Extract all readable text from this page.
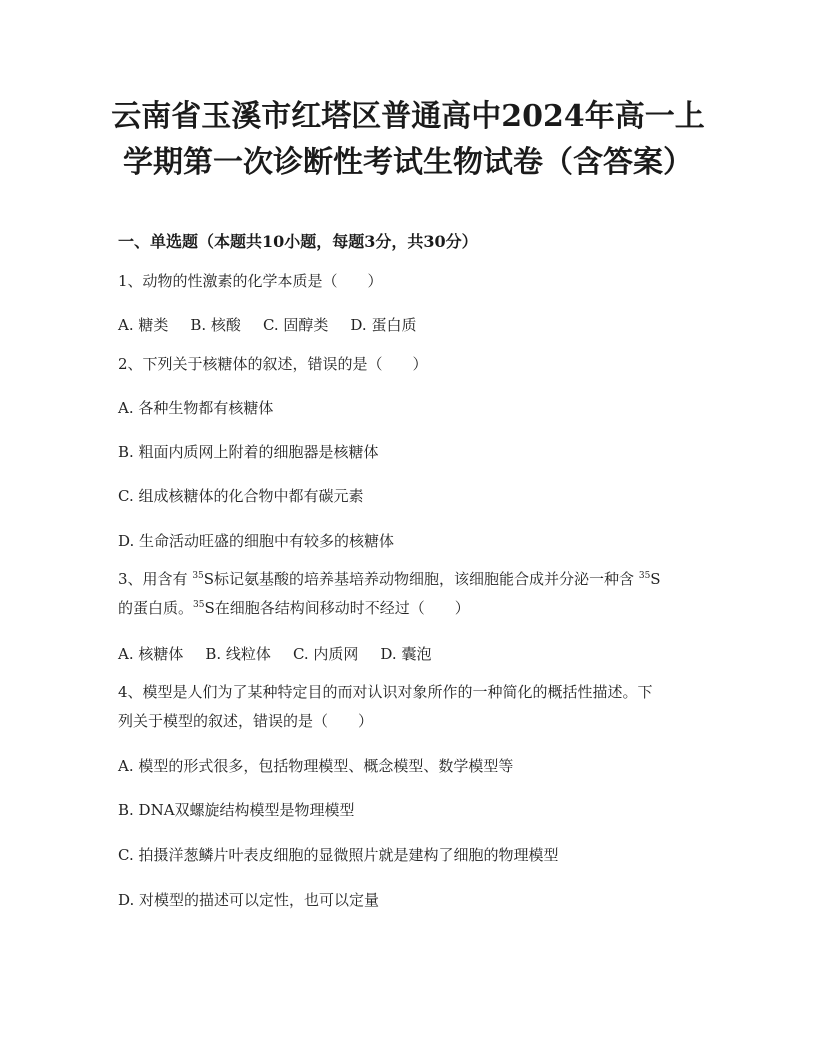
云南省玉溪市红塔区普通高中2024年高一上
学期第一次诊断性考试生物试卷（含答案）
一、单选题（本题共10小题，每题3分，共30分）
1、动物的性激素的化学本质是（　　）
A. 糖类 B. 核酸 C. 固醇类 D. 蛋白质
2、下列关于核糖体的叙述，错误的是（　　）
A. 各种生物都有核糖体
B. 粗面内质网上附着的细胞器是核糖体
C. 组成核糖体的化合物中都有碳元素
D. 生命活动旺盛的细胞中有较多的核糖体
3、用含有 $^{35}$S标记氨基酸的培养基培养动物细胞，该细胞能合成并分泌一种含 $^{35}$S
的蛋白质。$^{35}$S在细胞各结构间移动时不经过（　　）
A. 核糖体 B. 线粒体 C. 内质网 D. 囊泡
4、模型是人们为了某种特定目的而对认识对象所作的一种简化的概括性描述。下
列关于模型的叙述，错误的是（　　）
A. 模型的形式很多，包括物理模型、概念模型、数学模型等
B. DNA双螺旋结构模型是物理模型
C. 拍摄洋葱鳞片叶表皮细胞的显微照片就是建构了细胞的物理模型
D. 对模型的描述可以定性，也可以定量
